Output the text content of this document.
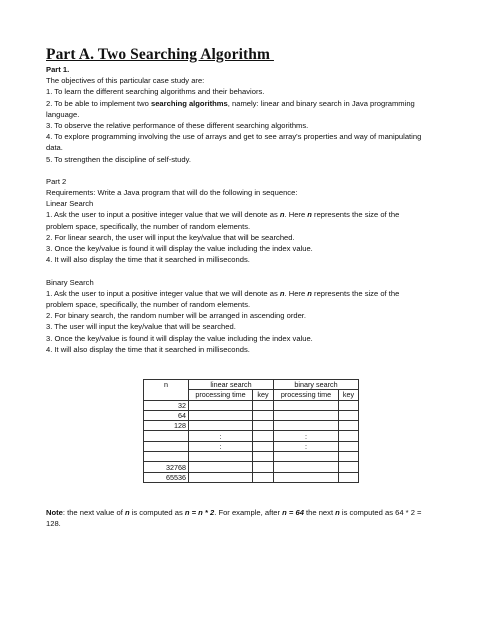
Part A. Two Searching Algorithm
Part 1.
The objectives of this particular case study are:
1. To learn the different searching algorithms and their behaviors.
2. To be able to implement two searching algorithms, namely: linear and binary search in Java programming
language.
3. To observe the relative performance of these different searching algorithms.
4. To explore programming involving the use of arrays and get to see array's properties and way of manipulating
data.
5. To strengthen the discipline of self-study.
Part 2
Requirements: Write a Java program that will do the following in sequence:
Linear Search
1. Ask the user to input a positive integer value that we will denote as n. Here n represents the size of the
problem space, specifically, the number of random elements.
2. For linear search, the user will input the key/value that will be searched.
3. Once the key/value is found it will display the value including the index value.
4. It will also display the time that it searched in milliseconds.
Binary Search
1. Ask the user to input a positive integer value that we will denote as n. Here n represents the size of the
problem space, specifically, the number of random elements.
2. For binary search, the random number will be arranged in ascending order.
3. The user will input the key/value that will be searched.
3. Once the key/value is found it will display the value including the index value.
4. It will also display the time that it searched in milliseconds.
n	linear search		binary search	
	processing time	key	processing time	key
32				
64				
128				
	:		:	
	:		:	

32768				
65536				
Note: the next value of n is computed as n = n * 2. For example, after n = 64 the next n is computed as 64 * 2 =
128.
